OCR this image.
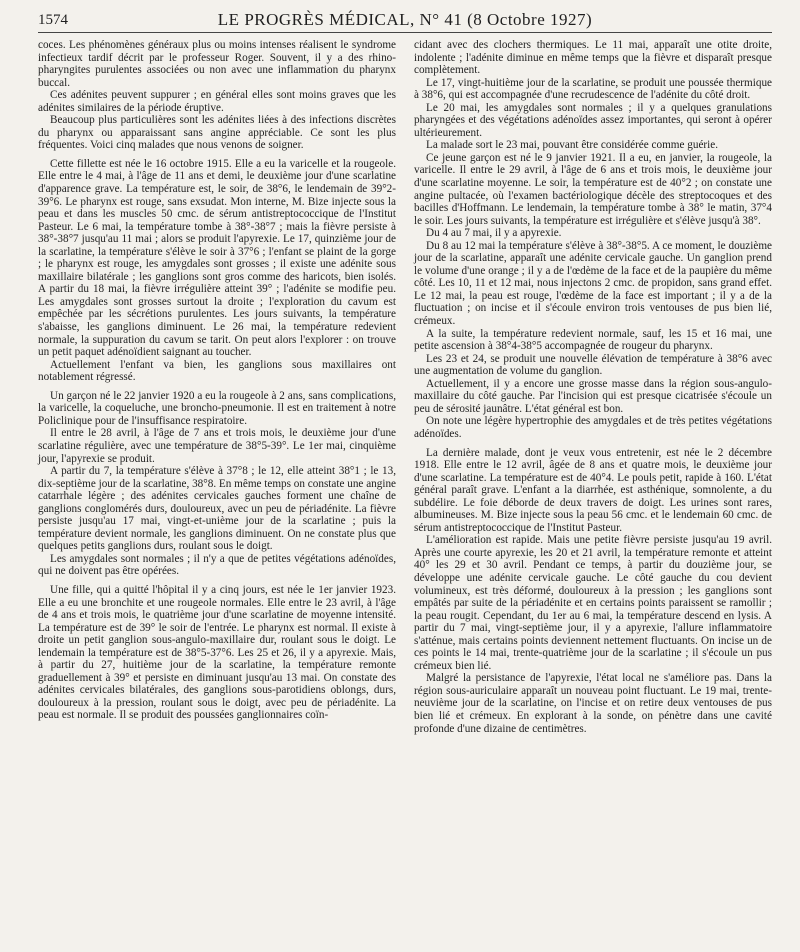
1574	LE PROGRÈS MÉDICAL, N° 41 (8 Octobre 1927)

coces. Les phénomènes généraux plus ou moins intenses réalisent le syndrome infectieux tardif décrit par le professeur Roger. Souvent, il y a des rhino-pharyngites purulentes associées ou non avec une inflammation du pharynx buccal.

Ces adénites peuvent suppurer ; en général elles sont moins graves que les adénites similaires de la période éruptive.

Beaucoup plus particulières sont les adénites liées à des infections discrètes du pharynx ou apparaissant sans angine appréciable. Ce sont les plus fréquentes. Voici cinq malades que nous venons de soigner.

Cette fillette est née le 16 octobre 1915. Elle a eu la varicelle et la rougeole. Elle entre le 4 mai, à l'âge de 11 ans et demi, le deuxième jour d'une scarlatine d'apparence grave. La température est, le soir, de 38°6, le lendemain de 39°2-39°6. Le pharynx est rouge, sans exsudat. Mon interne, M. Bize injecte sous la peau et dans les muscles 50 cmc. de sérum antistreptococcique de l'Institut Pasteur. Le 6 mai, la température tombe à 38°-38°7 ; mais la fièvre persiste à 38°-38°7 jusqu'au 11 mai ; alors se produit l'apyrexie. Le 17, quinzième jour de la scarlatine, la température s'élève le soir à 37°6 ; l'enfant se plaint de la gorge ; le pharynx est rouge, les amygdales sont grosses ; il existe une adénite sous maxillaire bilatérale ; les ganglions sont gros comme des haricots, bien isolés. A partir du 18 mai, la fièvre irrégulière atteint 39° ; l'adénite se modifie peu. Les amygdales sont grosses surtout la droite ; l'exploration du cavum est empêchée par les sécrétions purulentes. Les jours suivants, la température s'abaisse, les ganglions diminuent. Le 26 mai, la température redevient normale, la suppuration du cavum se tarit. On peut alors l'explorer : on trouve un petit paquet adénoïdient saignant au toucher.

Actuellement l'enfant va bien, les ganglions sous maxillaires ont notablement régressé.

Un garçon né le 22 janvier 1920 a eu la rougeole à 2 ans, sans complications, la varicelle, la coqueluche, une broncho-pneumonie. Il est en traitement à notre Policlinique pour de l'insuffisance respiratoire.

Il entre le 28 avril, à l'âge de 7 ans et trois mois, le deuxième jour d'une scarlatine régulière, avec une température de 38°5-39°. Le 1er mai, cinquième jour, l'apyrexie se produit.

A partir du 7, la température s'élève à 37°8 ; le 12, elle atteint 38°1 ; le 13, dix-septième jour de la scarlatine, 38°8. En même temps on constate une angine catarrhale légère ; des adénites cervicales gauches forment une chaîne de ganglions conglomérés durs, douloureux, avec un peu de périadénite. La fièvre persiste jusqu'au 17 mai, vingt-et-unième jour de la scarlatine ; puis la température devient normale, les ganglions diminuent. On ne constate plus que quelques petits ganglions durs, roulant sous le doigt.

Les amygdales sont normales ; il n'y a que de petites végétations adénoïdes, qui ne doivent pas être opérées.

Une fille, qui a quitté l'hôpital il y a cinq jours, est née le 1er janvier 1923. Elle a eu une bronchite et une rougeole normales. Elle entre le 23 avril, à l'âge de 4 ans et trois mois, le quatrième jour d'une scarlatine de moyenne intensité. La température est de 39° le soir de l'entrée. Le pharynx est normal. Il existe à droite un petit ganglion sous-angulo-maxillaire dur, roulant sous le doigt. Le lendemain la température est de 38°5-37°6. Les 25 et 26, il y a apyrexie. Mais, à partir du 27, huitième jour de la scarlatine, la température remonte graduellement à 39° et persiste en diminuant jusqu'au 13 mai. On constate des adénites cervicales bilatérales, des ganglions sous-parotidiens oblongs, durs, douloureux à la pression, roulant sous le doigt, avec peu de périadénite. La peau est normale. Il se produit des poussées ganglionnaires coïn-

cidant avec des clochers thermiques. Le 11 mai, apparaît une otite droite, indolente ; l'adénite diminue en même temps que la fièvre et disparaît presque complètement.

Le 17, vingt-huitième jour de la scarlatine, se produit une poussée thermique à 38°6, qui est accompagnée d'une recrudescence de l'adénite du côté droit.

Le 20 mai, les amygdales sont normales ; il y a quelques granulations pharyngées et des végétations adénoïdes assez importantes, qui seront à opérer ultérieurement.

La malade sort le 23 mai, pouvant être considérée comme guérie.

Ce jeune garçon est né le 9 janvier 1921. Il a eu, en janvier, la rougeole, la varicelle. Il entre le 29 avril, à l'âge de 6 ans et trois mois, le deuxième jour d'une scarlatine moyenne. Le soir, la température est de 40°2 ; on constate une angine pultacée, où l'examen bactériologique décèle des streptocoques et des bacilles d'Hoffmann. Le lendemain, la température tombe à 38° le matin, 37°4 le soir. Les jours suivants, la température est irrégulière et s'élève jusqu'à 38°.

Du 4 au 7 mai, il y a apyrexie.

Du 8 au 12 mai la température s'élève à 38°-38°5. A ce moment, le douzième jour de la scarlatine, apparaît une adénite cervicale gauche. Un ganglion prend le volume d'une orange ; il y a de l'œdème de la face et de la paupière du même côté. Les 10, 11 et 12 mai, nous injectons 2 cmc. de propidon, sans grand effet. Le 12 mai, la peau est rouge, l'œdème de la face est important ; il y a de la fluctuation ; on incise et il s'écoule environ trois ventouses de pus bien lié, crémeux.

A la suite, la température redevient normale, sauf, les 15 et 16 mai, une petite ascension à 38°4-38°5 accompagnée de rougeur du pharynx.

Les 23 et 24, se produit une nouvelle élévation de température à 38°6 avec une augmentation de volume du ganglion.

Actuellement, il y a encore une grosse masse dans la région sous-angulo-maxillaire du côté gauche. Par l'incision qui est presque cicatrisée s'écoule un peu de sérosité jaunâtre. L'état général est bon.

On note une légère hypertrophie des amygdales et de très petites végétations adénoïdes.

La dernière malade, dont je veux vous entretenir, est née le 2 décembre 1918. Elle entre le 12 avril, âgée de 8 ans et quatre mois, le deuxième jour d'une scarlatine. La température est de 40°4. Le pouls petit, rapide à 160. L'état général paraît grave. L'enfant a la diarrhée, est asthénique, somnolente, a du subdélire. Le foie déborde de deux travers de doigt. Les urines sont rares, albumineuses. M. Bize injecte sous la peau 56 cmc. et le lendemain 60 cmc. de sérum antistreptococcique de l'Institut Pasteur.

L'amélioration est rapide. Mais une petite fièvre persiste jusqu'au 19 avril. Après une courte apyrexie, les 20 et 21 avril, la température remonte et atteint 40° les 29 et 30 avril. Pendant ce temps, à partir du douzième jour, se développe une adénite cervicale gauche. Le côté gauche du cou devient volumineux, est très déformé, douloureux à la pression ; les ganglions sont empâtés par suite de la périadénite et en certains points paraissent se ramollir ; la peau rougit. Cependant, du 1er au 6 mai, la température descend en lysis. A partir du 7 mai, vingt-septième jour, il y a apyrexie, l'allure inflammatoire s'atténue, mais certains points deviennent nettement fluctuants. On incise un de ces points le 14 mai, trente-quatrième jour de la scarlatine ; il s'écoule un pus crémeux bien lié.

Malgré la persistance de l'apyrexie, l'état local ne s'améliore pas. Dans la région sous-auriculaire apparaît un nouveau point fluctuant. Le 19 mai, trente-neuvième jour de la scarlatine, on l'incise et on retire deux ventouses de pus bien lié et crémeux. En explorant à la sonde, on pénètre dans une cavité profonde d'une dizaine de centimètres.
